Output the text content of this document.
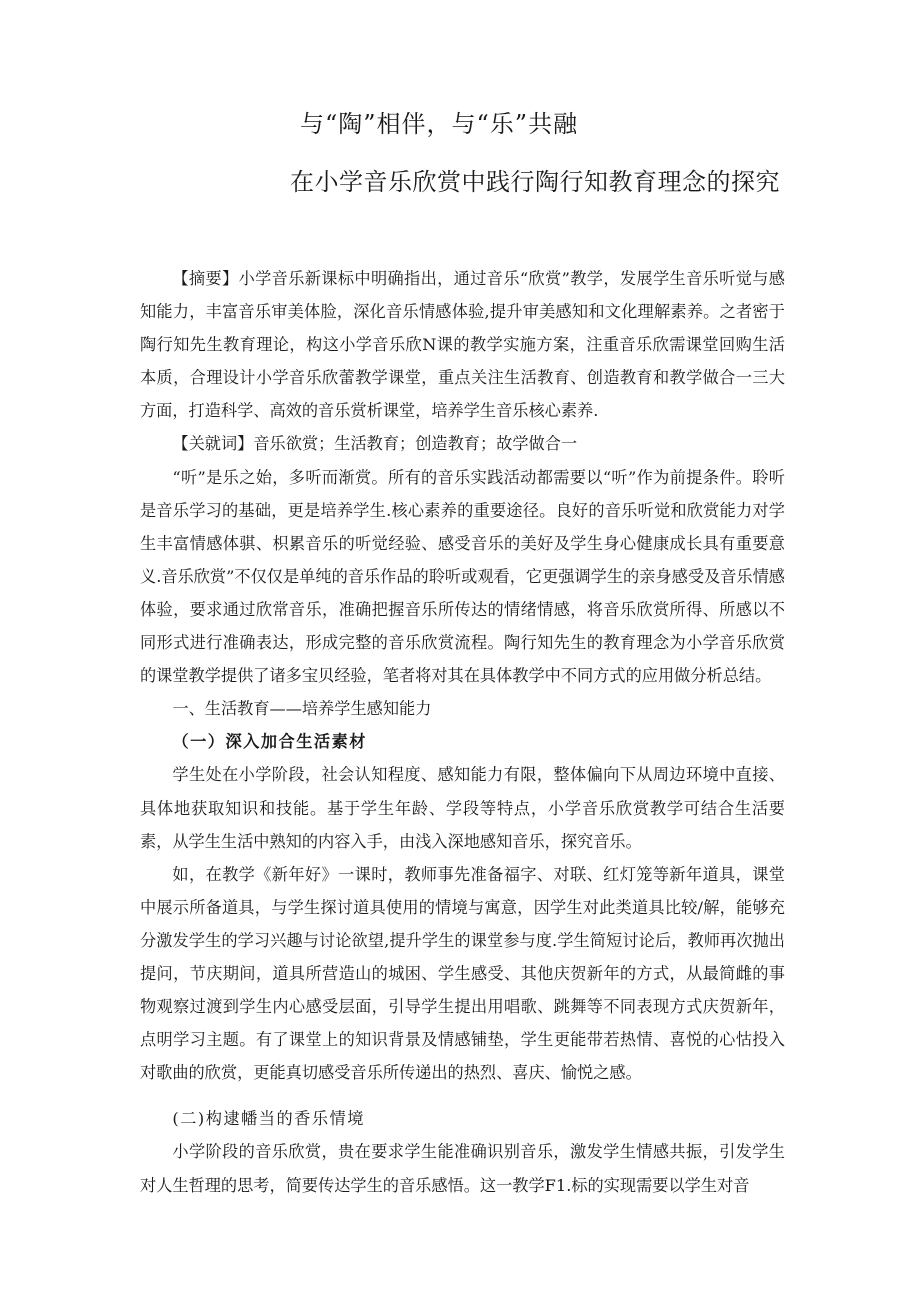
与“陶”相伴，与“乐”共融
在小学音乐欣赏中践行陶行知教育理念的探究

【摘要】小学音乐新课标中明确指出，通过音乐“欣赏”教学，发展学生音乐听觉与感知能力，丰富音乐审美体脸，深化音乐情感体验,提升审美感知和文化理解素养。之者密于陶行知先生教育理论，构这小学音乐欣N课的教学实施方案，注重音乐欣需课堂回购生活本质，合理设计小学音乐欣蕾教学课堂，重点关注生活教育、创造教育和教学做合一三大方面，打造科学、高效的音乐赏析课堂，培养学生音乐核心素养.

【关就词】音乐欲赏；生活教育；创造教育；故学做合一

“听”是乐之始，多听而渐赏。所有的音乐实践活动都需要以“听”作为前提条件。聆听是音乐学习的基础，更是培养学生.核心素养的重要途径。良好的音乐听觉和欣赏能力对学生丰富情感体骐、枳累音乐的听觉经验、感受音乐的美好及学生身心健康成长具有重要意义.音乐欣赏”不仅仅是单纯的音乐作品的聆听或观看，它更强调学生的亲身感受及音乐情感体验，要求通过欣常音乐，准确把握音乐所传达的情绪情感，将音乐欣赏所得、所感以不同形式进行准确表达，形成完整的音乐欣赏流程。陶行知先生的教育理念为小学音乐欣赏的课堂教学提供了诸多宝贝经验，笔者将对其在具体教学中不同方式的应用做分析总结。

一、生活教育——培养学生感知能力

（一）深入加合生活素材

学生处在小学阶段，社会认知程度、感知能力有限，整体偏向下从周边环境中直接、具体地获取知识和技能。基于学生年龄、学段等特点，小学音乐欣赏教学可结合生活要素，从学生生活中熟知的内容入手，由浅入深地感知音乐，探究音乐。

如，在教学《新年好》一课时，教师事先准备福字、对联、红灯笼等新年道具，课堂中展示所备道具，与学生探讨道具使用的情境与寓意，因学生对此类道具比较/解，能够充分激发学生的学习兴趣与讨论欲望,提升学生的课堂参与度.学生简短讨论后，教师再次抛出提问，节庆期间，道具所营造山的城困、学生感受、其他庆贺新年的方式，从最简雌的事物观察过渡到学生内心感受层面，引导学生提出用唱歌、跳舞等不同表现方式庆贺新年，点明学习主题。有了课堂上的知识背景及情感铺垫，学生更能带若热情、喜悦的心怙投入对歌曲的欣赏，更能真切感受音乐所传递出的热烈、喜庆、愉悦之感。

(二)构逮幡当的香乐情境

小学阶段的音乐欣赏，贵在要求学生能准确识别音乐，激发学生情感共振，引发学生对人生哲理的思考，简要传达学生的音乐感悟。这一教学F1.标的实现需要以学生对音
